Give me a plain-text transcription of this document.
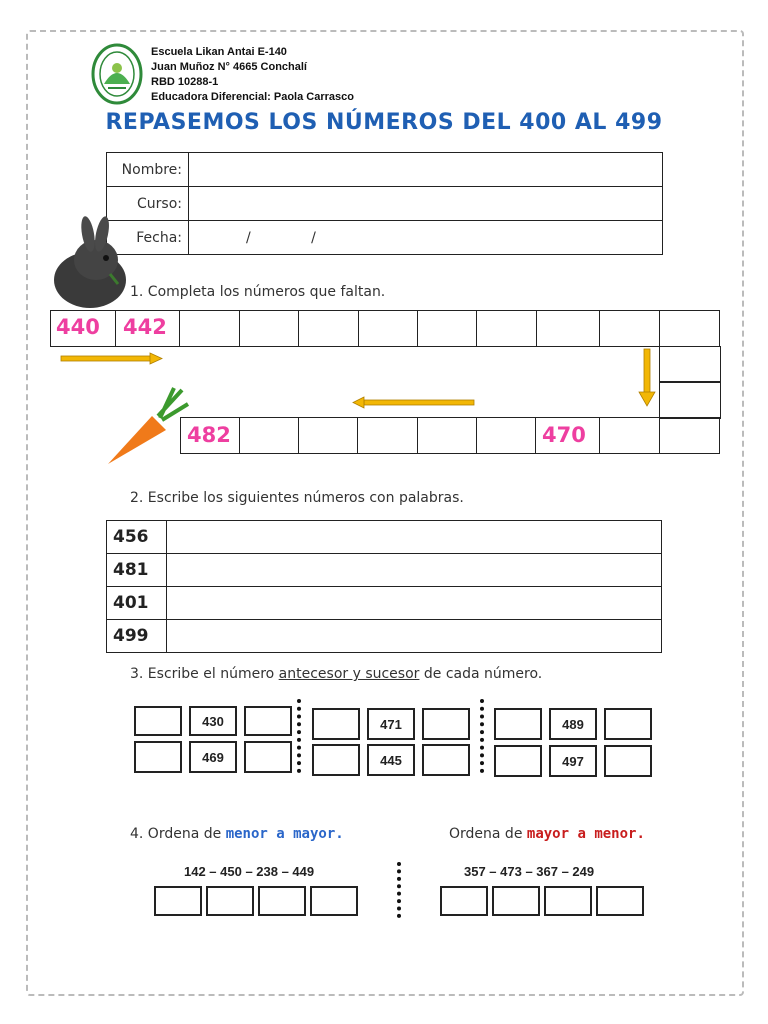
Escuela Likan Antai E-140
Juan Muñoz N° 4665 Conchalí
RBD 10288-1
Educadora Diferencial: Paola Carrasco
REPASEMOS LOS NÚMEROS DEL 400 AL 499
Nombre:	
Curso:	
Fecha:	/ /
1. Completa los números que faltan.
440 442
482	470
2. Escribe los siguientes números con palabras.
456	
481	
401	
499	
3. Escribe el número antecesor y sucesor de cada número.
430
469
471
445
489
497
4. Ordena de menor a mayor.	Ordena de mayor a menor.
142 – 450 – 238 – 449	357 – 473 – 367 – 249
